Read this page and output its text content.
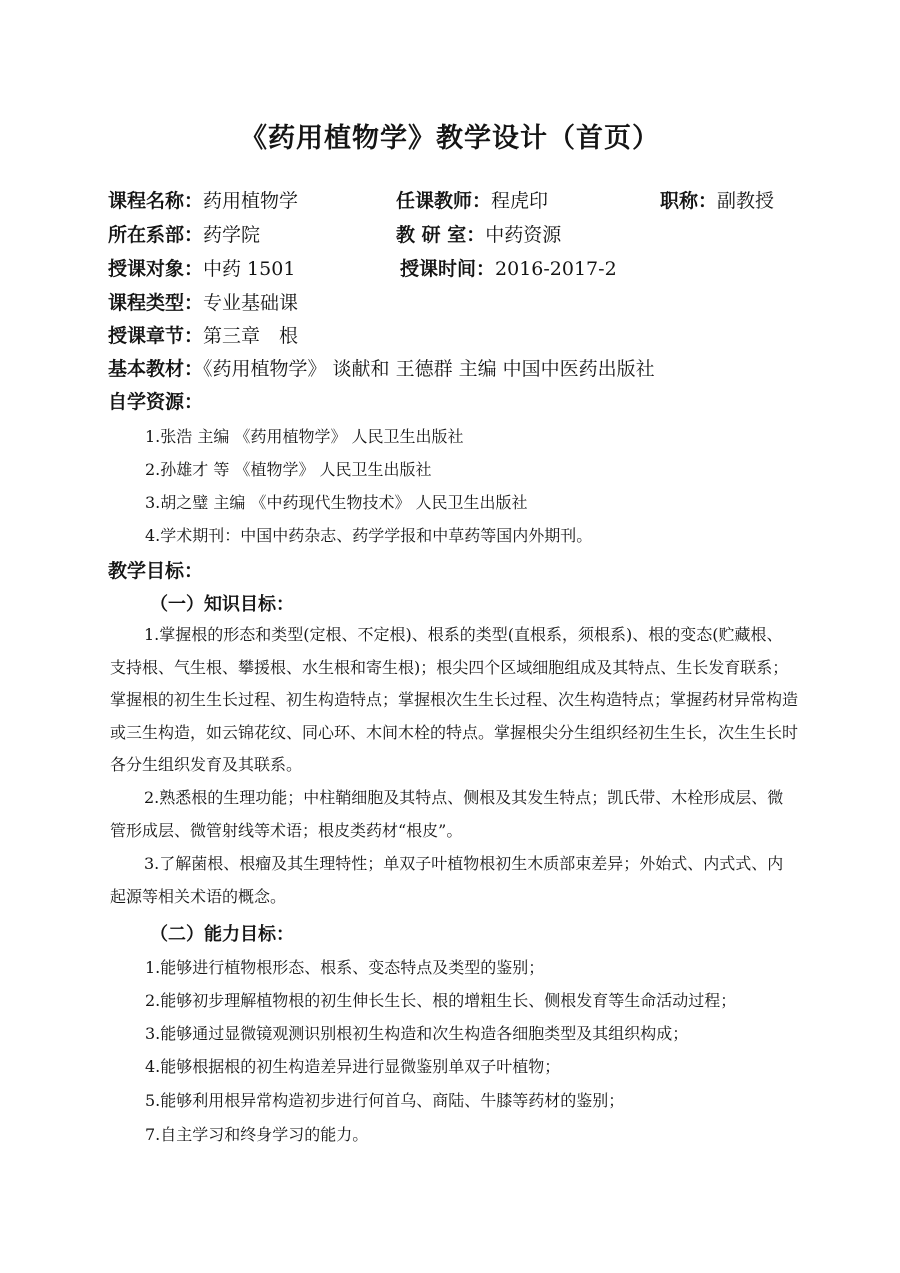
《药用植物学》教学设计（首页）
课程名称：药用植物学	任课教师：程虎印	职称：副教授
所在系部：药学院	教 研 室：中药资源
授课对象：中药 1501	授课时间：2016-2017-2
课程类型：专业基础课
授课章节：第三章　根
基本教材：《药用植物学》 谈献和 王德群 主编 中国中医药出版社
自学资源：
1.张浩 主编 《药用植物学》 人民卫生出版社
2.孙雄才 等 《植物学》 人民卫生出版社
3.胡之璧 主编 《中药现代生物技术》 人民卫生出版社
4.学术期刊：中国中药杂志、药学学报和中草药等国内外期刊。
教学目标：
（一）知识目标：

1.掌握根的形态和类型(定根、不定根)、根系的类型(直根系，须根系)、根的变态(贮藏根、支持根、气生根、攀援根、水生根和寄生根)；根尖四个区域细胞组成及其特点、生长发育联系；掌握根的初生生长过程、初生构造特点；掌握根次生生长过程、次生构造特点；掌握药材异常构造或三生构造，如云锦花纹、同心环、木间木栓的特点。掌握根尖分生组织经初生生长，次生生长时各分生组织发育及其联系。

2.熟悉根的生理功能；中柱鞘细胞及其特点、侧根及其发生特点；凯氏带、木栓形成层、微管形成层、微管射线等术语；根皮类药材“根皮”。

3.了解菌根、根瘤及其生理特性；单双子叶植物根初生木质部束差异；外始式、内式式、内起源等相关术语的概念。

（二）能力目标：
1.能够进行植物根形态、根系、变态特点及类型的鉴别；
2.能够初步理解植物根的初生伸长生长、根的增粗生长、侧根发育等生命活动过程；
3.能够通过显微镜观测识别根初生构造和次生构造各细胞类型及其组织构成；
4.能够根据根的初生构造差异进行显微鉴别单双子叶植物；
5.能够利用根异常构造初步进行何首乌、商陆、牛膝等药材的鉴别；
7.自主学习和终身学习的能力。
